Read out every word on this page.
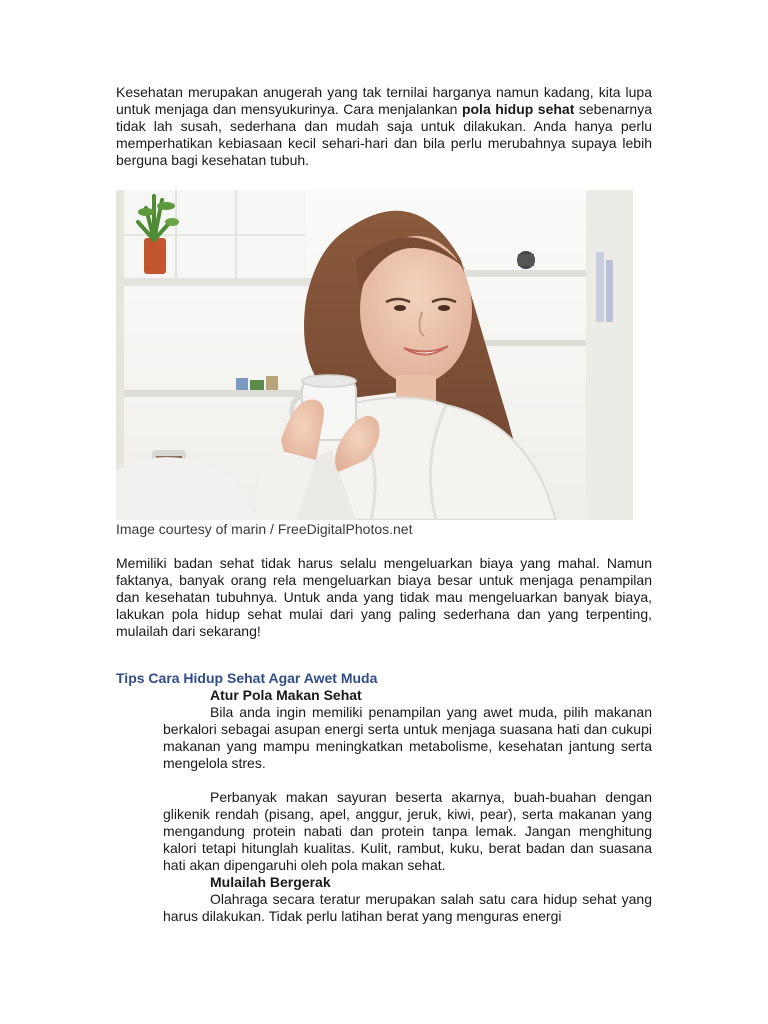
Kesehatan merupakan anugerah yang tak ternilai harganya namun kadang, kita lupa untuk menjaga dan mensyukurinya. Cara menjalankan pola hidup sehat sebenarnya tidak lah susah, sederhana dan mudah saja untuk dilakukan. Anda hanya perlu memperhatikan kebiasaan kecil sehari-hari dan bila perlu merubahnya supaya lebih berguna bagi kesehatan tubuh.

Image courtesy of marin / FreeDigitalPhotos.net

Memiliki badan sehat tidak harus selalu mengeluarkan biaya yang mahal. Namun faktanya, banyak orang rela mengeluarkan biaya besar untuk menjaga penampilan dan kesehatan tubuhnya. Untuk anda yang tidak mau mengeluarkan banyak biaya, lakukan pola hidup sehat mulai dari yang paling sederhana dan yang terpenting, mulailah dari sekarang!

Tips Cara Hidup Sehat Agar Awet Muda

Atur Pola Makan Sehat

Bila anda ingin memiliki penampilan yang awet muda, pilih makanan berkalori sebagai asupan energi serta untuk menjaga suasana hati dan cukupi makanan yang mampu meningkatkan metabolisme, kesehatan jantung serta mengelola stres.

Perbanyak makan sayuran beserta akarnya, buah-buahan dengan glikenik rendah (pisang, apel, anggur, jeruk, kiwi, pear), serta makanan yang mengandung protein nabati dan protein tanpa lemak. Jangan menghitung kalori tetapi hitunglah kualitas. Kulit, rambut, kuku, berat badan dan suasana hati akan dipengaruhi oleh pola makan sehat.

Mulailah Bergerak

Olahraga secara teratur merupakan salah satu cara hidup sehat yang harus dilakukan. Tidak perlu latihan berat yang menguras energi
